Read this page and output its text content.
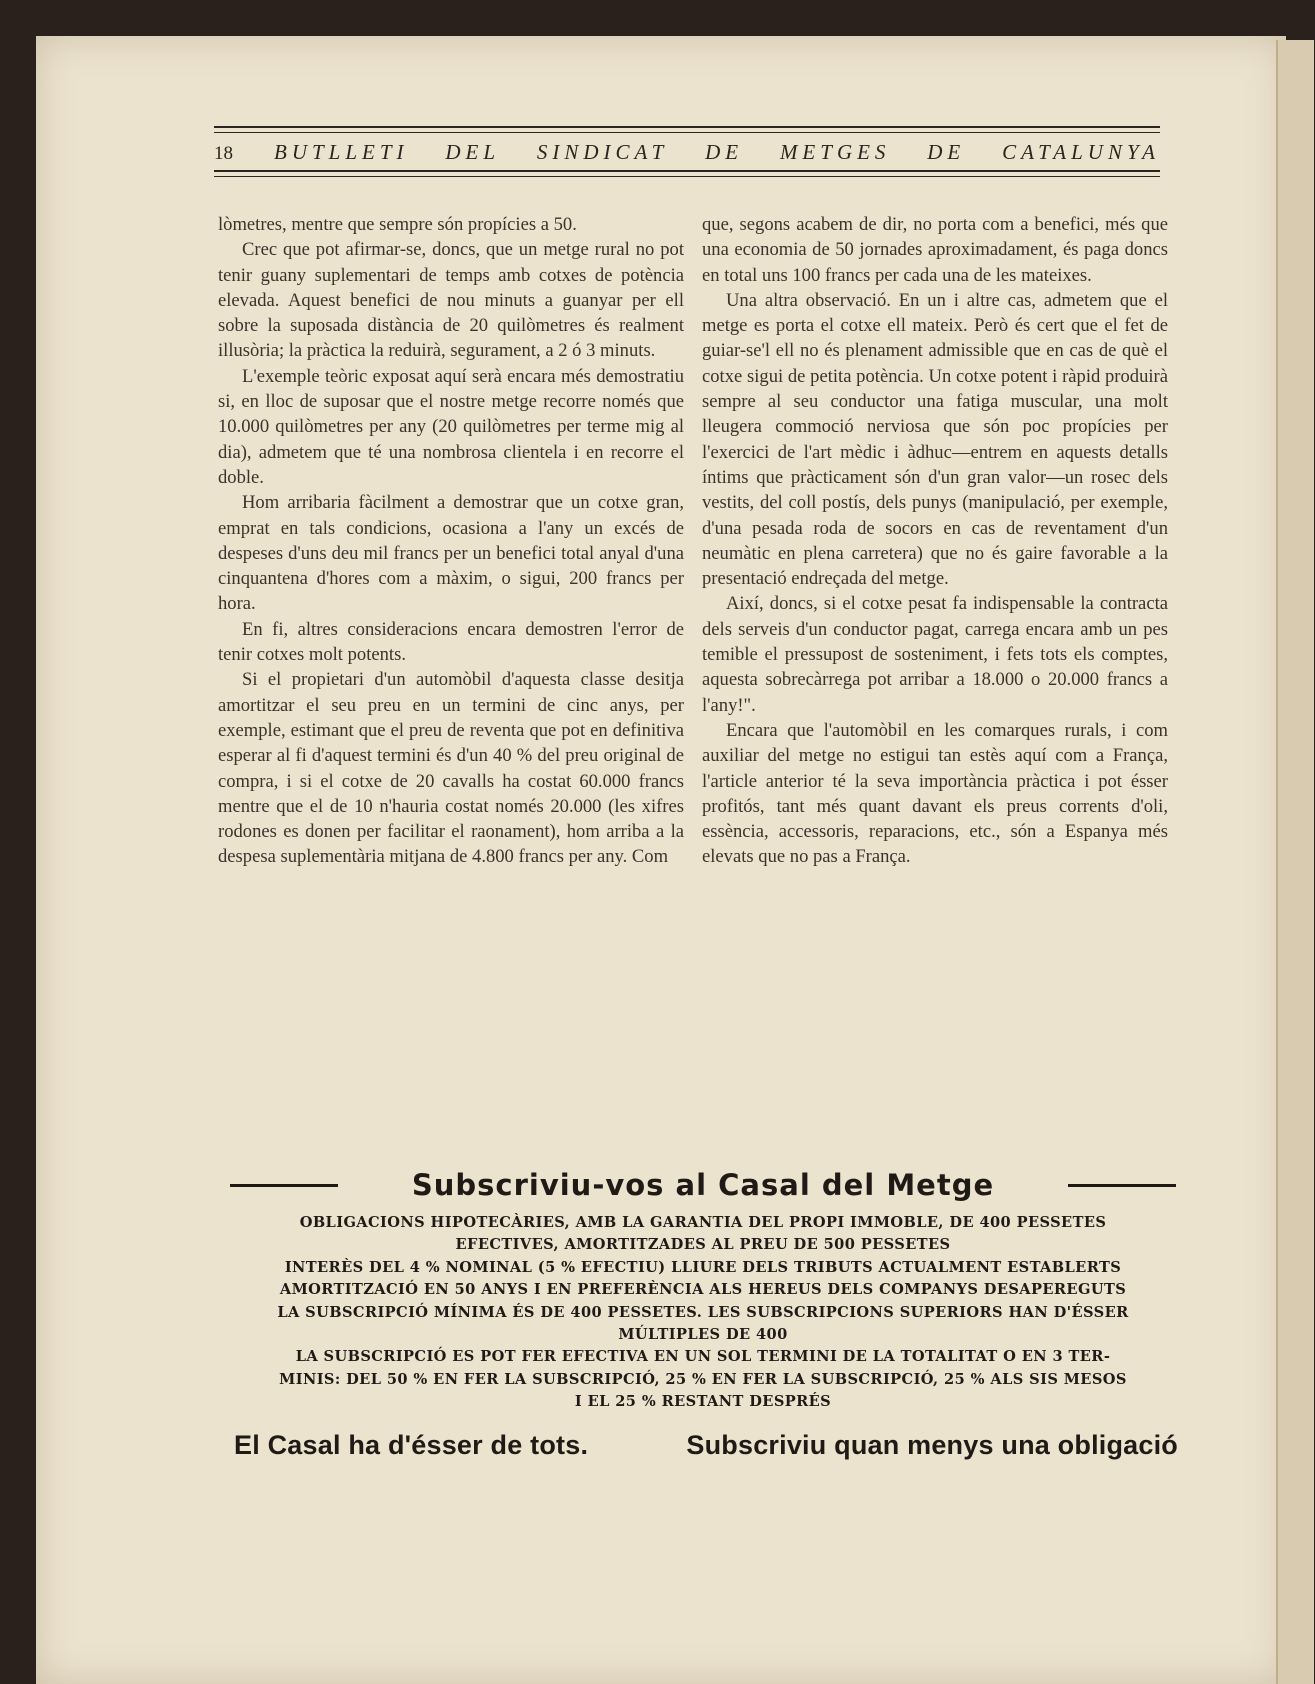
18	BUTLLETI DEL SINDICAT DE METGES DE CATALUNYA

lòmetres, mentre que sempre són propícies a 50.

Crec que pot afirmar-se, doncs, que un metge rural no pot tenir guany suplementari de temps amb cotxes de potència elevada. Aquest benefici de nou minuts a guanyar per ell sobre la suposada distància de 20 quilòmetres és realment illusòria; la pràctica la reduirà, segurament, a 2 ó 3 minuts.

L'exemple teòric exposat aquí serà encara més demostratiu si, en lloc de suposar que el nostre metge recorre només que 10.000 quilòmetres per any (20 quilòmetres per terme mig al dia), admetem que té una nombrosa clientela i en recorre el doble.

Hom arribaria fàcilment a demostrar que un cotxe gran, emprat en tals condicions, ocasiona a l'any un excés de despeses d'uns deu mil francs per un benefici total anyal d'una cinquantena d'hores com a màxim, o sigui, 200 francs per hora.

En fi, altres consideracions encara demostren l'error de tenir cotxes molt potents.

Si el propietari d'un automòbil d'aquesta classe desitja amortitzar el seu preu en un termini de cinc anys, per exemple, estimant que el preu de reventa que pot en definitiva esperar al fi d'aquest termini és d'un 40 % del preu original de compra, i si el cotxe de 20 cavalls ha costat 60.000 francs mentre que el de 10 n'hauria costat només 20.000 (les xifres rodones es donen per facilitar el raonament), hom arriba a la despesa suplementària mitjana de 4.800 francs per any. Com

que, segons acabem de dir, no porta com a benefici, més que una economia de 50 jornades aproximadament, és paga doncs en total uns 100 francs per cada una de les mateixes.

Una altra observació. En un i altre cas, admetem que el metge es porta el cotxe ell mateix. Però és cert que el fet de guiar-se'l ell no és plenament admissible que en cas de què el cotxe sigui de petita potència. Un cotxe potent i ràpid produirà sempre al seu conductor una fatiga muscular, una molt lleugera commoció nerviosa que són poc propícies per l'exercici de l'art mèdic i àdhuc—entrem en aquests detalls íntims que pràcticament són d'un gran valor—un rosec dels vestits, del coll postís, dels punys (manipulació, per exemple, d'una pesada roda de socors en cas de reventament d'un neumàtic en plena carretera) que no és gaire favorable a la presentació endreçada del metge.

Així, doncs, si el cotxe pesat fa indispensable la contracta dels serveis d'un conductor pagat, carrega encara amb un pes temible el pressupost de sosteniment, i fets tots els comptes, aquesta sobrecàrrega pot arribar a 18.000 o 20.000 francs a l'any!".

Encara que l'automòbil en les comarques rurals, i com auxiliar del metge no estigui tan estès aquí com a França, l'article anterior té la seva importància pràctica i pot ésser profitós, tant més quant davant els preus corrents d'oli, essència, accessoris, reparacions, etc., són a Espanya més elevats que no pas a França.

Subscriviu-vos al Casal del Metge
OBLIGACIONS HIPOTECÀRIES, AMB LA GARANTIA DEL PROPI IMMOBLE, DE 400 PESSETES
EFECTIVES, AMORTITZADES AL PREU DE 500 PESSETES
INTERÈS DEL 4 % NOMINAL (5 % EFECTIU) LLIURE DELS TRIBUTS ACTUALMENT ESTABLERTS
AMORTITZACIÓ EN 50 ANYS I EN PREFERÈNCIA ALS HEREUS DELS COMPANYS DESAPEREGUTS
LA SUBSCRIPCIÓ MÍNIMA ÉS DE 400 PESSETES. LES SUBSCRIPCIONS SUPERIORS HAN D'ÉSSER
MÚLTIPLES DE 400
LA SUBSCRIPCIÓ ES POT FER EFECTIVA EN UN SOL TERMINI DE LA TOTALITAT O EN 3 TER-
MINIS: DEL 50 % EN FER LA SUBSCRIPCIÓ, 25 % EN FER LA SUBSCRIPCIÓ, 25 % ALS SIS MESOS
I EL 25 % RESTANT DESPRÉS
El Casal ha d'ésser de tots.	Subscriviu quan menys una obligació
